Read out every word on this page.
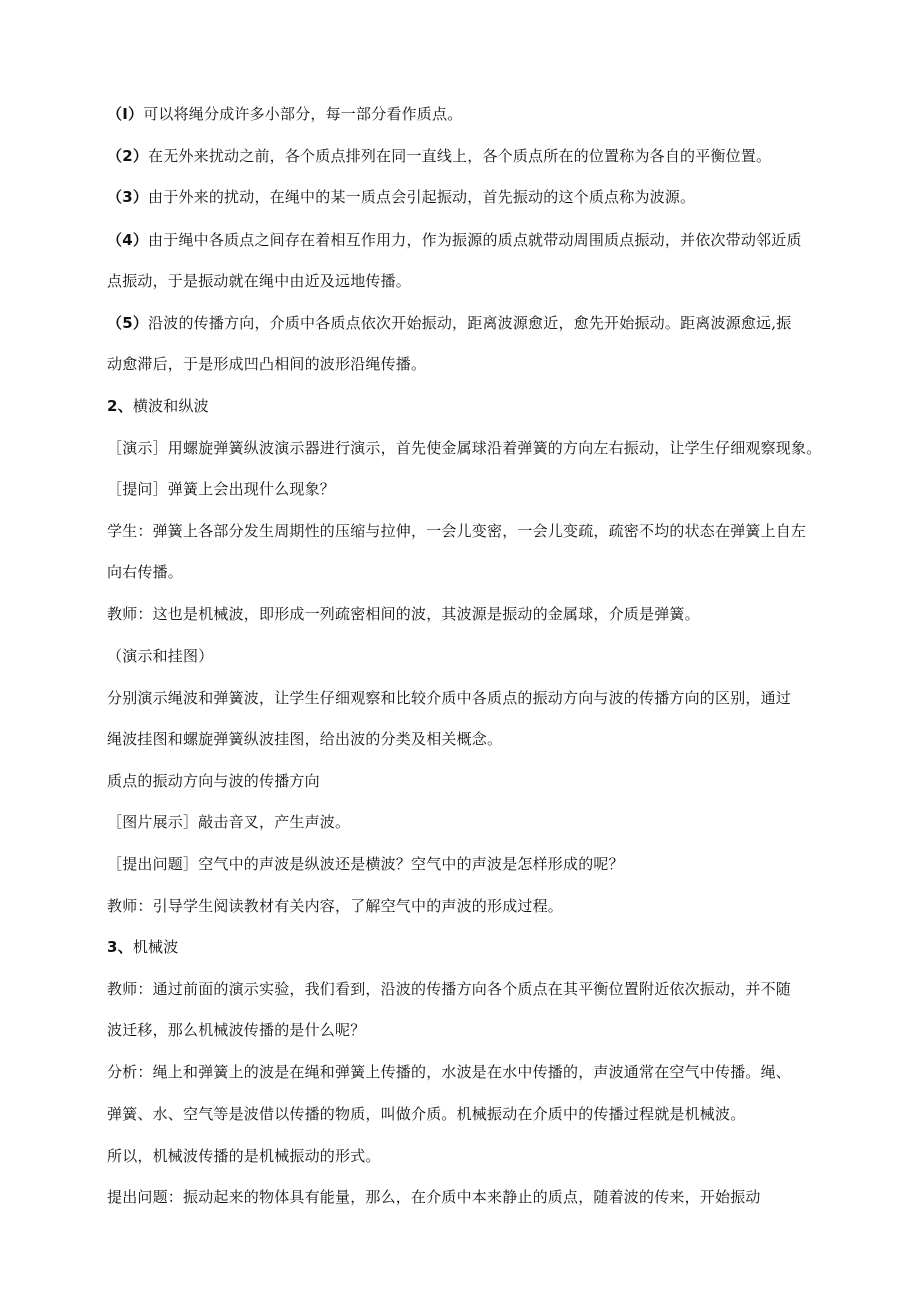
（I）可以将绳分成许多小部分，每一部分看作质点。
（2）在无外来扰动之前，各个质点排列在同一直线上，各个质点所在的位置称为各自的平衡位置。
（3）由于外来的扰动，在绳中的某一质点会引起振动，首先振动的这个质点称为波源。
（4）由于绳中各质点之间存在着相互作用力，作为振源的质点就带动周围质点振动，并依次带动邻近质
点振动，于是振动就在绳中由近及远地传播。
（5）沿波的传播方向，介质中各质点依次开始振动，距离波源愈近，愈先开始振动。距离波源愈远,振
动愈滞后，于是形成凹凸相间的波形沿绳传播。
2、横波和纵波
［演示］用螺旋弹簧纵波演示器进行演示，首先使金属球沿着弹簧的方向左右振动，让学生仔细观察现象。
［提问］弹簧上会出现什么现象？
学生：弹簧上各部分发生周期性的压缩与拉伸，一会儿变密，一会儿变疏，疏密不均的状态在弹簧上自左
向右传播。
教师：这也是机械波，即形成一列疏密相间的波，其波源是振动的金属球，介质是弹簧。
（演示和挂图）
分别演示绳波和弹簧波，让学生仔细观察和比较介质中各质点的振动方向与波的传播方向的区别，通过
绳波挂图和螺旋弹簧纵波挂图，给出波的分类及相关概念。
质点的振动方向与波的传播方向
［图片展示］敲击音叉，产生声波。
［提出问题］空气中的声波是纵波还是横波？空气中的声波是怎样形成的呢？
教师：引导学生阅读教材有关内容，了解空气中的声波的形成过程。
3、机械波
教师：通过前面的演示实验，我们看到，沿波的传播方向各个质点在其平衡位置附近依次振动，并不随
波迁移，那么机械波传播的是什么呢？
分析：绳上和弹簧上的波是在绳和弹簧上传播的，水波是在水中传播的，声波通常在空气中传播。绳、
弹簧、水、空气等是波借以传播的物质，叫做介质。机械振动在介质中的传播过程就是机械波。
所以，机械波传播的是机械振动的形式。
提出问题：振动起来的物体具有能量，那么，在介质中本来静止的质点，随着波的传来，开始振动
